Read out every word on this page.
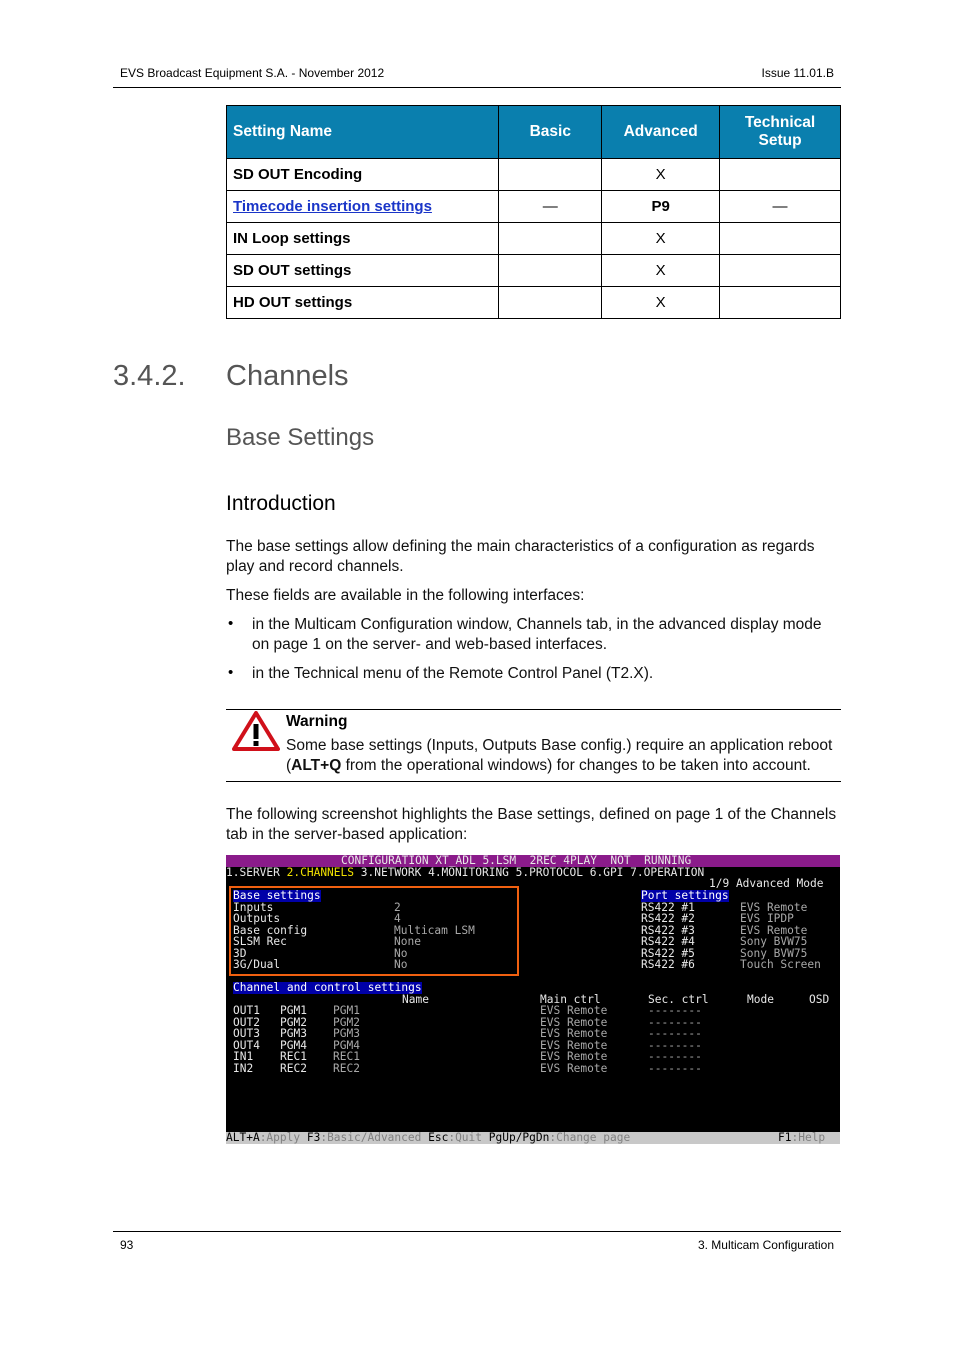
EVS Broadcast Equipment S.A. - November 2012	Issue 11.01.B
Setting Name	Basic	Advanced	Technical Setup
SD OUT Encoding		X	
Timecode insertion settings	—	P9	—
IN Loop settings		X	
SD OUT settings		X	
HD OUT settings		X	
3.4.2. Channels
Base Settings
Introduction

The base settings allow defining the main characteristics of a configuration as regards play and record channels.

These fields are available in the following interfaces:

• in the Multicam Configuration window, Channels tab, in the advanced display mode on page 1 on the server- and web-based interfaces.

• in the Technical menu of the Remote Control Panel (T2.X).

Warning

Some base settings (Inputs, Outputs Base config.) require an application reboot (ALT+Q from the operational windows) for changes to be taken into account.

The following screenshot highlights the Base settings, defined on page 1 of the Channels tab in the server-based application:

CONFIGURATION XT_ADL 5.LSM  2REC 4PLAY  NOT  RUNNING
1.SERVER 2.CHANNELS 3.NETWORK 4.MONITORING 5.PROTOCOL 6.GPI 7.OPERATION
1/9 Advanced Mode
Base settings
Inputs	2
Outputs	4
Base config	Multicam LSM
SLSM Rec	None
3D	No
3G/Dual	No
Port settings
RS422 #1	EVS Remote
RS422 #2	EVS IPDP
RS422 #3	EVS Remote
RS422 #4	Sony BVW75
RS422 #5	Sony BVW75
RS422 #6	Touch Screen
Channel and control settings
Name	Main ctrl	Sec. ctrl	Mode	OSD
OUT1 PGM1 PGM1	EVS Remote	--------
OUT2 PGM2 PGM2	EVS Remote	--------
OUT3 PGM3 PGM3	EVS Remote	--------
OUT4 PGM4 PGM4	EVS Remote	--------
IN1 REC1 REC1	EVS Remote	--------
IN2 REC2 REC2	EVS Remote	--------
ALT+A:Apply F3:Basic/Advanced Esc:Quit PgUp/PgDn:Change page	F1:Help
93	3. Multicam Configuration
